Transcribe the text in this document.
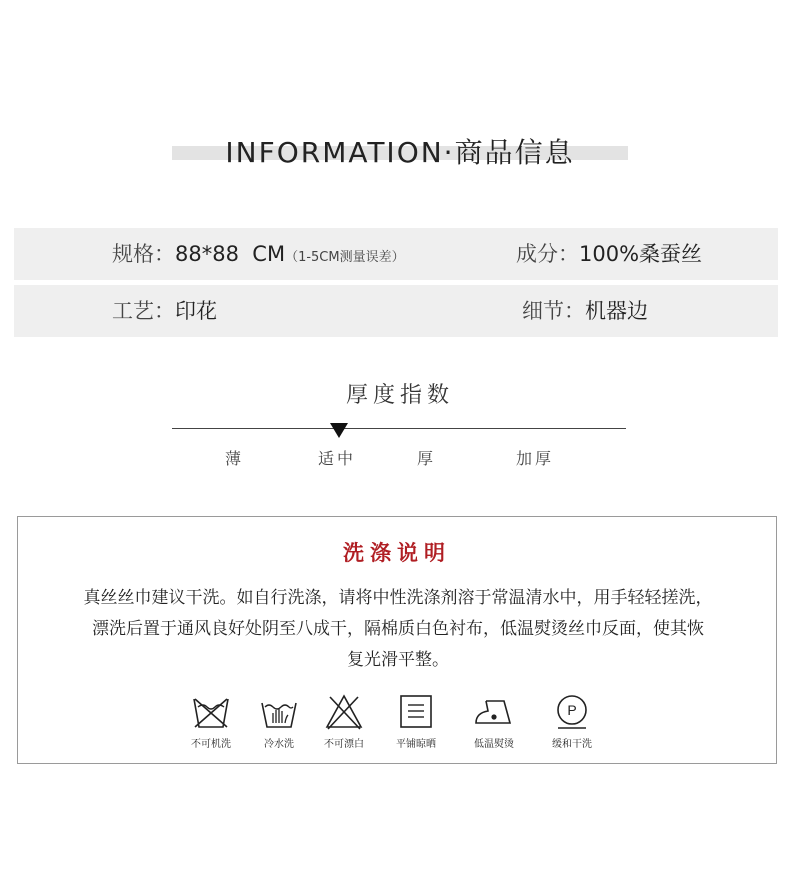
INFORMATION·商品信息
规格：88*88  CM（1-5CM测量误差）	成分：100%桑蚕丝
工艺：印花	细节：机器边
厚度指数
薄	适中	厚	加厚
洗涤说明
真丝丝巾建议干洗。如自行洗涤，请将中性洗涤剂溶于常温清水中，用手轻轻搓洗，
漂洗后置于通风良好处阴至八成干，隔棉质白色衬布，低温熨烫丝巾反面，使其恢
复光滑平整。
不可机洗	冷水洗	不可漂白	平铺晾晒	低温熨烫
P
缓和干洗
